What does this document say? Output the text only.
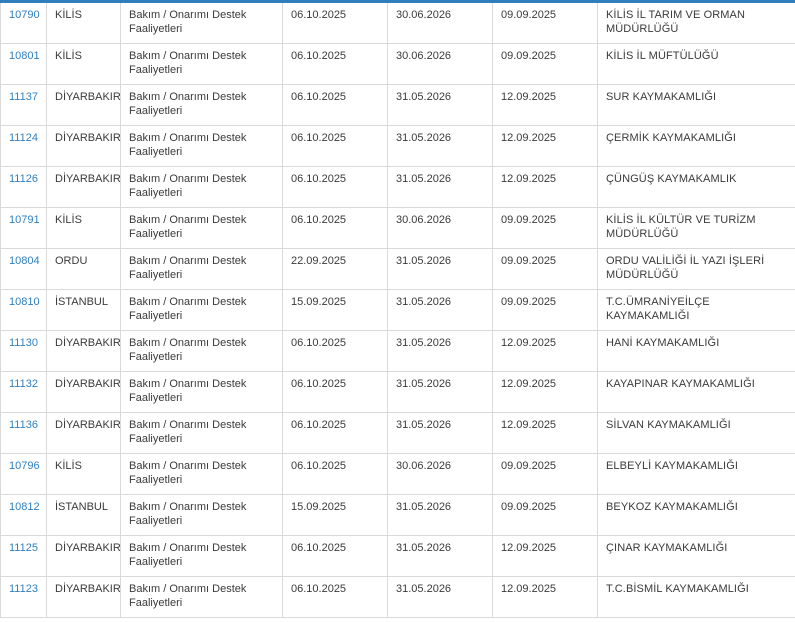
10790	KİLİS	Bakım / Onarımı Destek Faaliyetleri	06.10.2025	30.06.2026	09.09.2025	KİLİS İL TARIM VE ORMAN MÜDÜRLÜĞÜ
10801	KİLİS	Bakım / Onarımı Destek Faaliyetleri	06.10.2025	30.06.2026	09.09.2025	KİLİS İL MÜFTÜLÜĞÜ
11137	DİYARBAKIR	Bakım / Onarımı Destek Faaliyetleri	06.10.2025	31.05.2026	12.09.2025	SUR KAYMAKAMLIĞI
11124	DİYARBAKIR	Bakım / Onarımı Destek Faaliyetleri	06.10.2025	31.05.2026	12.09.2025	ÇERMİK KAYMAKAMLIĞI
11126	DİYARBAKIR	Bakım / Onarımı Destek Faaliyetleri	06.10.2025	31.05.2026	12.09.2025	ÇÜNGÜŞ KAYMAKAMLIK
10791	KİLİS	Bakım / Onarımı Destek Faaliyetleri	06.10.2025	30.06.2026	09.09.2025	KİLİS İL KÜLTÜR VE TURİZM MÜDÜRLÜĞÜ
10804	ORDU	Bakım / Onarımı Destek Faaliyetleri	22.09.2025	31.05.2026	09.09.2025	ORDU VALİLİĞİ İL YAZI İŞLERİ MÜDÜRLÜĞÜ
10810	İSTANBUL	Bakım / Onarımı Destek Faaliyetleri	15.09.2025	31.05.2026	09.09.2025	T.C.ÜMRANİYEİLÇE KAYMAKAMLIĞI
11130	DİYARBAKIR	Bakım / Onarımı Destek Faaliyetleri	06.10.2025	31.05.2026	12.09.2025	HANİ KAYMAKAMLIĞI
11132	DİYARBAKIR	Bakım / Onarımı Destek Faaliyetleri	06.10.2025	31.05.2026	12.09.2025	KAYAPINAR KAYMAKAMLIĞI
11136	DİYARBAKIR	Bakım / Onarımı Destek Faaliyetleri	06.10.2025	31.05.2026	12.09.2025	SİLVAN KAYMAKAMLIĞI
10796	KİLİS	Bakım / Onarımı Destek Faaliyetleri	06.10.2025	30.06.2026	09.09.2025	ELBEYLİ KAYMAKAMLIĞI
10812	İSTANBUL	Bakım / Onarımı Destek Faaliyetleri	15.09.2025	31.05.2026	09.09.2025	BEYKOZ KAYMAKAMLIĞI
11125	DİYARBAKIR	Bakım / Onarımı Destek Faaliyetleri	06.10.2025	31.05.2026	12.09.2025	ÇINAR KAYMAKAMLIĞI
11123	DİYARBAKIR	Bakım / Onarımı Destek Faaliyetleri	06.10.2025	31.05.2026	12.09.2025	T.C.BİSMİL KAYMAKAMLIĞI
